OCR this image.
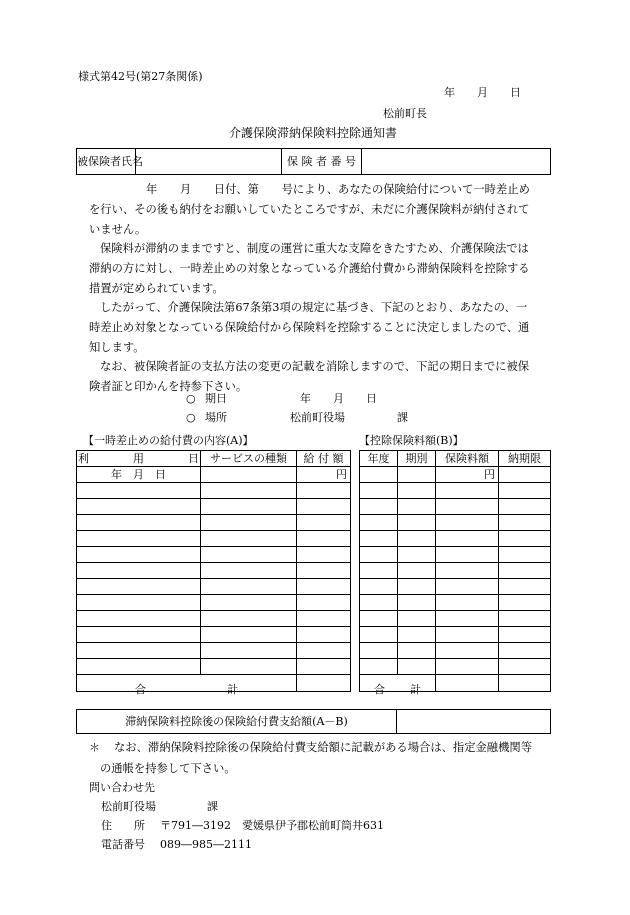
様式第42号(第27条関係)
年　　月　　日
松前町長
介護保険滞納保険料控除通知書
被保険者氏名		保 険 者 番 号	
年　　月　　日付、第　　号により、あなたの保険給付について一時差止め
を行い、その後も納付をお願いしていたところですが、未だに介護保険料が納付されて
いません。
保険料が滞納のままですと、制度の運営に重大な支障をきたすため、介護保険法では
滞納の方に対し、一時差止めの対象となっている介護給付費から滞納保険料を控除する
措置が定められています。
したがって、介護保険法第67条第3項の規定に基づき、下記のとおり、あなたの、一
時差止め対象となっている保険給付から保険料を控除することに決定しましたので、通
知します。
なお、被保険者証の支払方法の変更の記載を消除しますので、下記の期日までに被保
険者証と印かんを持参下さい。
○ 期日	年　　月　　日
○ 場所	松前町役場	課
【一時差止めの給付費の内容(A)】	【控除保険料額(B)】
利　　　　用　　　　日	サービスの種類	給 付 額
年　月　日		円

合 計		

年度	期別	保険料額	納期限
		円	

合 計			

滞納保険料控除後の保険給付費支給額(A－B)	
＊ なお、滞納保険料控除後の保険給付費支給額に記載がある場合は、指定金融機関等
の通帳を持参して下さい。
問い合わせ先
松前町役場	課
住　　所 〒791―3192　愛媛県伊予郡松前町筒井631
電話番号 089―985―2111
